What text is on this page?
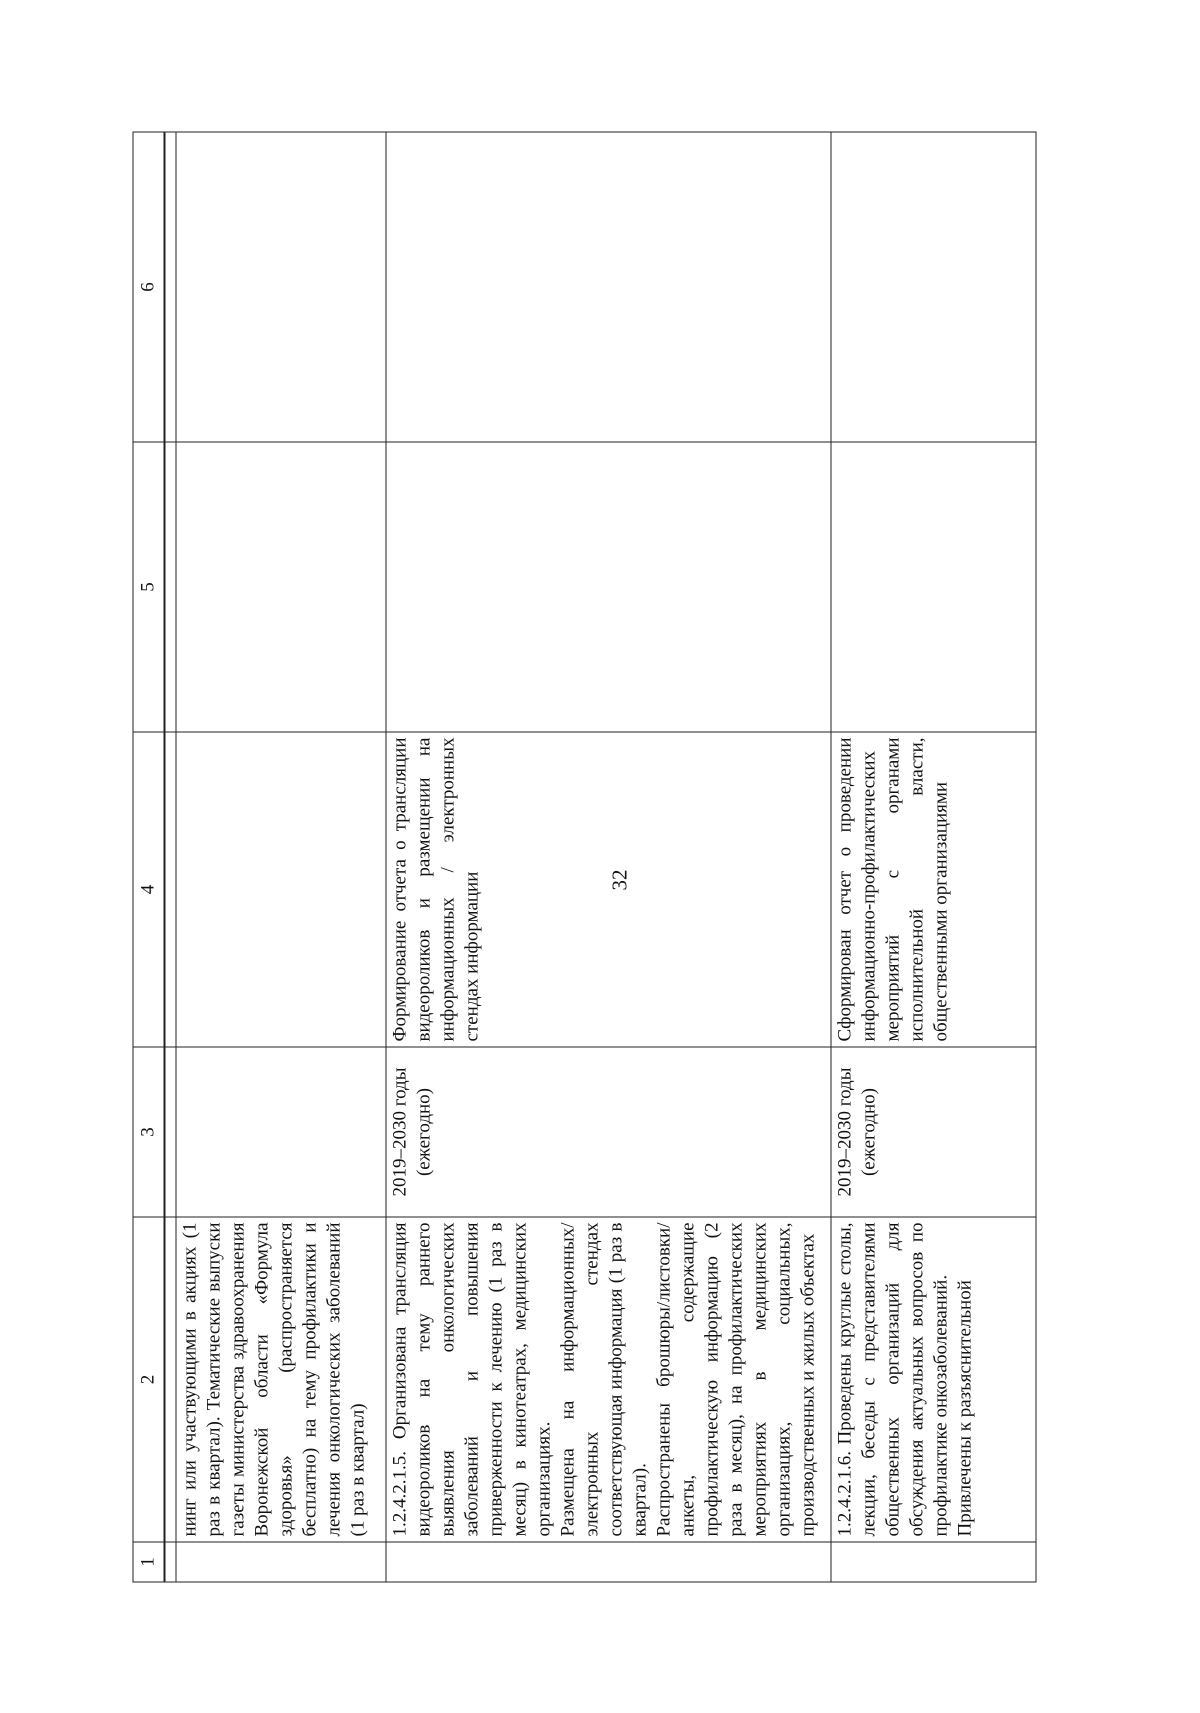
32
1	2	3	4	5	6

	нинг или участвующими в акциях (1 раз в квартал). Тематические выпуски газеты министерства здравоохранения Воронежской области «Формула здоровья» (распространяется бесплатно) на тему профилактики и лечения онкологических заболеваний (1 раз в квартал)				
	1.2.4.2.1.5. Организована трансляция видеороликов на тему раннего выявления онкологических заболеваний и повышения приверженности к лечению (1 раз в месяц) в кинотеатрах, медицинских организациях.
Размещена на информационных/электронных стендах соответствующая информация (1 раз в квартал).
Распространены брошюры/листовки/анкеты, содержащие профилактическую информацию (2 раза в месяц), на профилактических мероприятиях в медицинских организациях, социальных, производственных и жилых объектах	2019–2030 годы (ежегодно)	Формирование отчета о трансляции видеороликов и размещении на информационных / электронных стендах информации		
	1.2.4.2.1.6. Проведены круглые столы, лекции, беседы с представителями общественных организаций для обсуждения актуальных вопросов по профилактике онкозаболеваний.
Привлечены к разъяснительной	2019–2030 годы (ежегодно)	Сформирован отчет о проведении информационно-профилактических мероприятий с органами исполнительной власти, общественными организациями		
